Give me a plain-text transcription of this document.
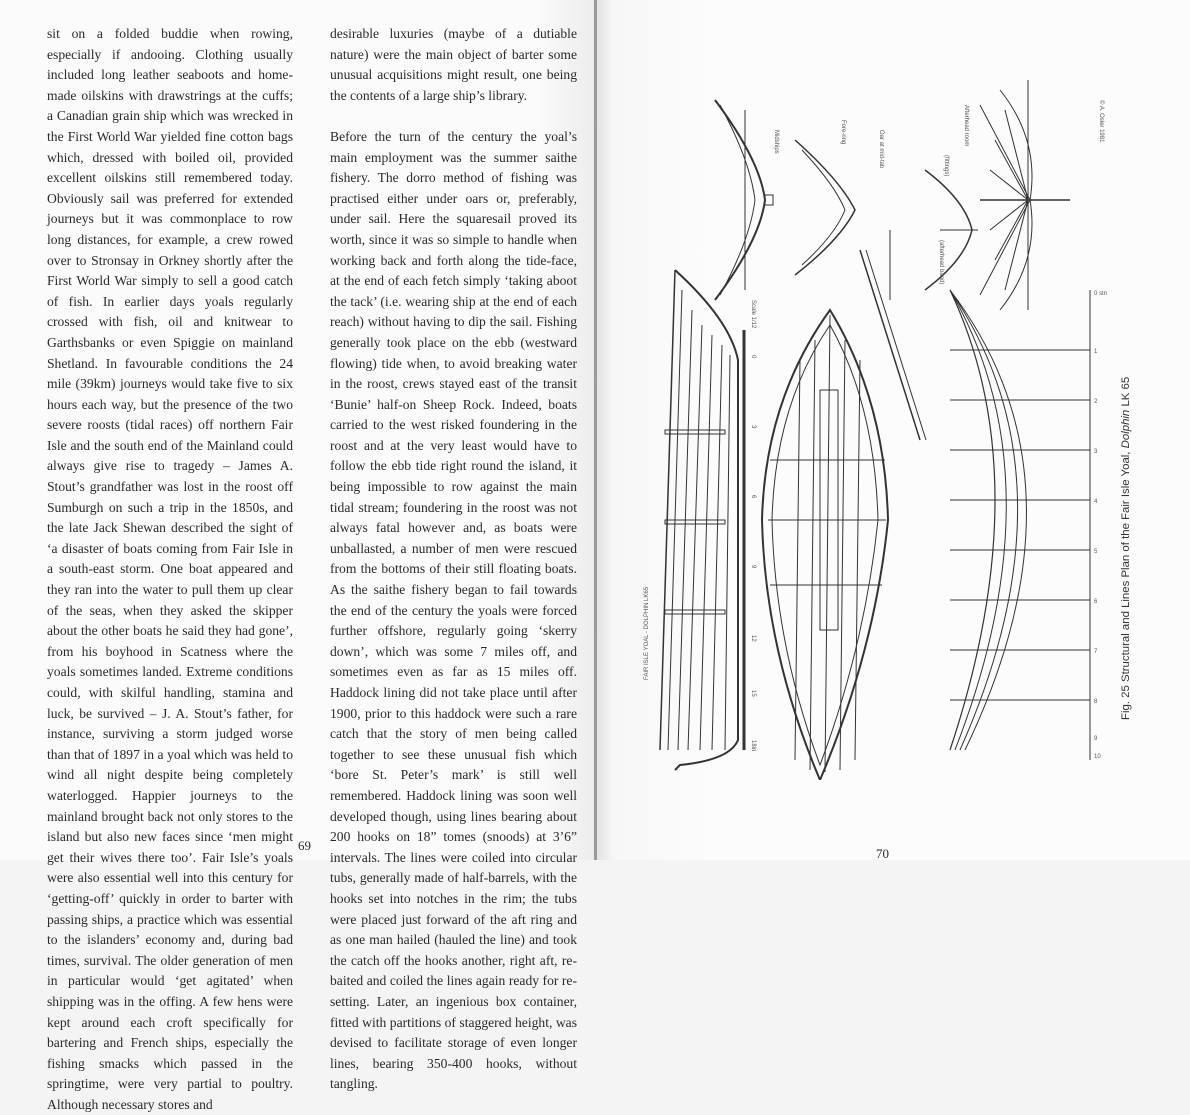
sit on a folded buddie when rowing, especially if andooing. Clothing usually included long leather seaboots and home-made oilskins with drawstrings at the cuffs; a Canadian grain ship which was wrecked in the First World War yielded fine cotton bags which, dressed with boiled oil, provided excellent oilskins still remembered today. Obviously sail was preferred for extended journeys but it was commonplace to row long distances, for example, a crew rowed over to Stronsay in Orkney shortly after the First World War simply to sell a good catch of fish. In earlier days yoals regularly crossed with fish, oil and knitwear to Garthsbanks or even Spiggie on mainland Shetland. In favourable conditions the 24 mile (39km) journeys would take five to six hours each way, but the presence of the two severe roosts (tidal races) off northern Fair Isle and the south end of the Mainland could always give rise to tragedy – James A. Stout’s grandfather was lost in the roost off Sumburgh on such a trip in the 1850s, and the late Jack Shewan described the sight of ‘a disaster of boats coming from Fair Isle in a south-east storm. One boat appeared and they ran into the water to pull them up clear of the seas, when they asked the skipper about the other boats he said they had gone’, from his boyhood in Scatness where the yoals sometimes landed. Extreme conditions could, with skilful handling, stamina and luck, be survived – J. A. Stout’s father, for instance, surviving a storm judged worse than that of 1897 in a yoal which was held to wind all night despite being completely waterlogged. Happier journeys to the mainland brought back not only stores to the island but also new faces since ‘men might get their wives there too’. Fair Isle’s yoals were also essential well into this century for ‘getting-off’ quickly in order to barter with passing ships, a practice which was essential to the islanders’ economy and, during bad times, survival. The older generation of men in particular would ‘get agitated’ when shipping was in the offing. A few hens were kept around each croft specifically for bartering and French ships, especially the fishing smacks which passed in the springtime, were very partial to poultry. Although necessary stores and

desirable luxuries (maybe of a dutiable nature) were the main object of barter some unusual acquisitions might result, one being the contents of a large ship’s library.

Before the turn of the century the yoal’s main employment was the summer saithe fishery. The dorro method of fishing was practised either under oars or, preferably, under sail. Here the squaresail proved its worth, since it was so simple to handle when working back and forth along the tide-face, at the end of each fetch simply ‘taking aboot the tack’ (i.e. wearing ship at the end of each reach) without having to dip the sail. Fishing generally took place on the ebb (westward flowing) tide when, to avoid breaking water in the roost, crews stayed east of the transit ‘Bunie’ half-on Sheep Rock. Indeed, boats carried to the west risked foundering in the roost and at the very least would have to follow the ebb tide right round the island, it being impossible to row against the main tidal stream; foundering in the roost was not always fatal however and, as boats were unballasted, a number of men were rescued from the bottoms of their still floating boats. As the saithe fishery began to fail towards the end of the century the yoals were forced further offshore, regularly going ‘skerry down’, which was some 7 miles off, and sometimes even as far as 15 miles off. Haddock lining did not take place until after 1900, prior to this haddock were such a rare catch that the story of men being called together to see these unusual fish which ‘bore St. Peter’s mark’ is still well remembered. Haddock lining was soon well developed though, using lines bearing about 200 hooks on 18” tomes (snoods) at 3’6” intervals. The lines were coiled into circular tubs, generally made of half-barrels, with the hooks set into notches in the rim; the tubs were placed just forward of the aft ring and as one man hailed (hauled the line) and took the catch off the hooks another, right aft, re-baited and coiled the lines again ready for re-setting. Later, an ingenious box container, fitted with partitions of staggered height, was devised to facilitate storage of even longer lines, bearing 350-400 hooks, without tangling.

69
70
Midships	Fore-ring	Oar at mid-tab
Afterhead room
(fittings)
(afterhead band)
Scale 1/12
© A. Osler 1981
FAIR ISLE YOAL - DOLPHIN LK65
0
3
6
9
12
15
18in
0 stn
1
2
3
4
5
6
7
8
9
10
Fig. 25 Structural and Lines Plan of the Fair Isle Yoal, Dolphin LK 65
